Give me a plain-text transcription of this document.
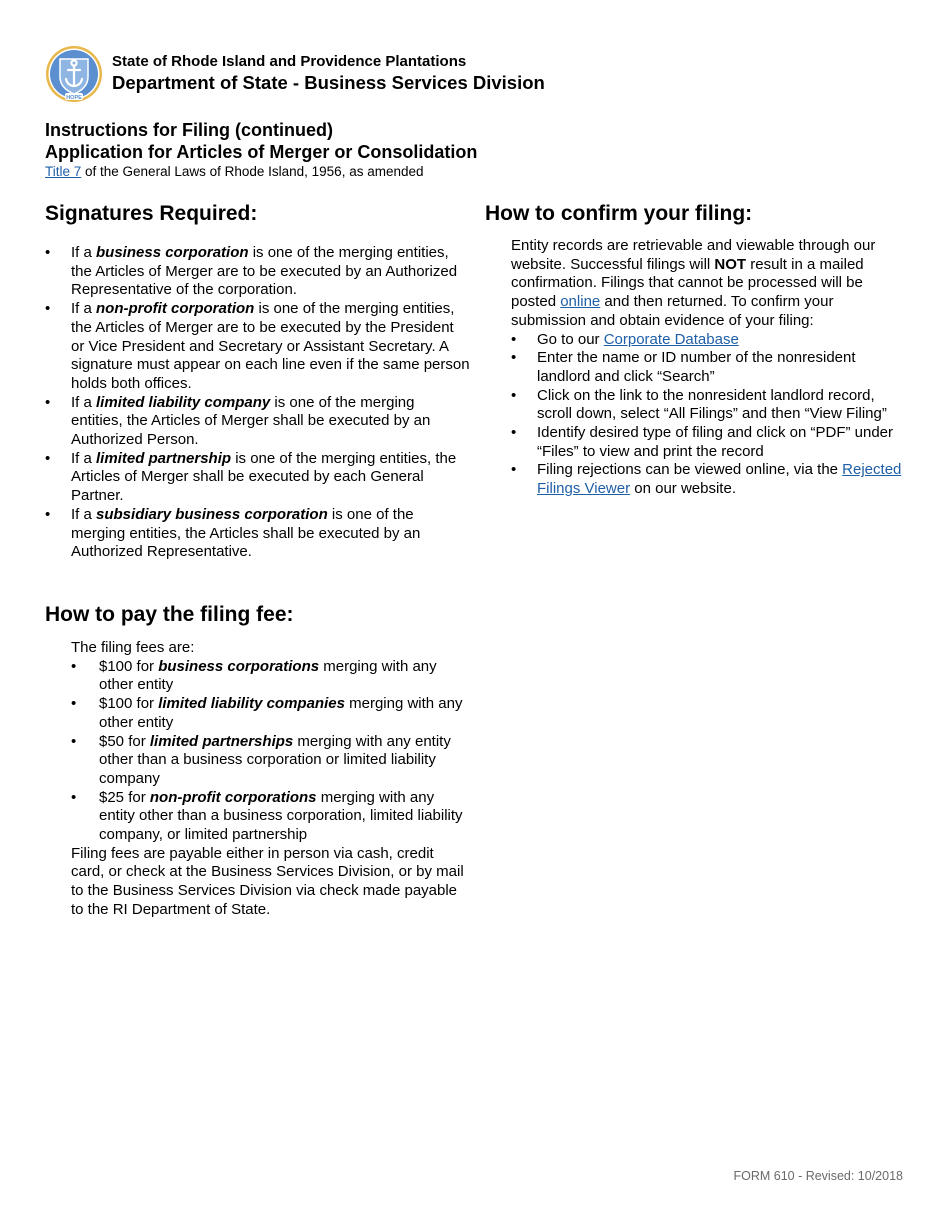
HOPE
State of Rhode Island and Providence Plantations
Department of State - Business Services Division
Instructions for Filing (continued)
Application for Articles of Merger or Consolidation
Title 7 of the General Laws of Rhode Island, 1956, as amended
Signatures Required:
• If a business corporation is one of the merging entities, the Articles of Merger are to be executed by an Authorized Representative of the corporation.
• If a non-profit corporation is one of the merging entities, the Articles of Merger are to be executed by the President or Vice President and Secretary or Assistant Secretary. A signature must appear on each line even if the same person holds both offices.
• If a limited liability company is one of the merging entities, the Articles of Merger shall be executed by an Authorized Person.
• If a limited partnership is one of the merging entities, the Articles of Merger shall be executed by each General Partner.
• If a subsidiary business corporation is one of the merging entities, the Articles shall be executed by an Authorized Representative.
How to pay the filing fee:
The filing fees are:
• $100 for business corporations merging with any other entity
• $100 for limited liability companies merging with any other entity
• $50 for limited partnerships merging with any entity other than a business corporation or limited liability company
• $25 for non-profit corporations merging with any entity other than a business corporation, limited liability company, or limited partnership
Filing fees are payable either in person via cash, credit card, or check at the Business Services Division, or by mail to the Business Services Division via check made payable to the RI Department of State.
How to confirm your filing:
Entity records are retrievable and viewable through our website. Successful filings will NOT result in a mailed confirmation. Filings that cannot be processed will be posted online and then returned. To confirm your submission and obtain evidence of your filing:
• Go to our Corporate Database
• Enter the name or ID number of the nonresident landlord and click “Search”
• Click on the link to the nonresident landlord record, scroll down, select “All Filings” and then “View Filing”
• Identify desired type of filing and click on “PDF” under “Files” to view and print the record
• Filing rejections can be viewed online, via the Rejected Filings Viewer on our website.
FORM 610 - Revised: 10/2018
